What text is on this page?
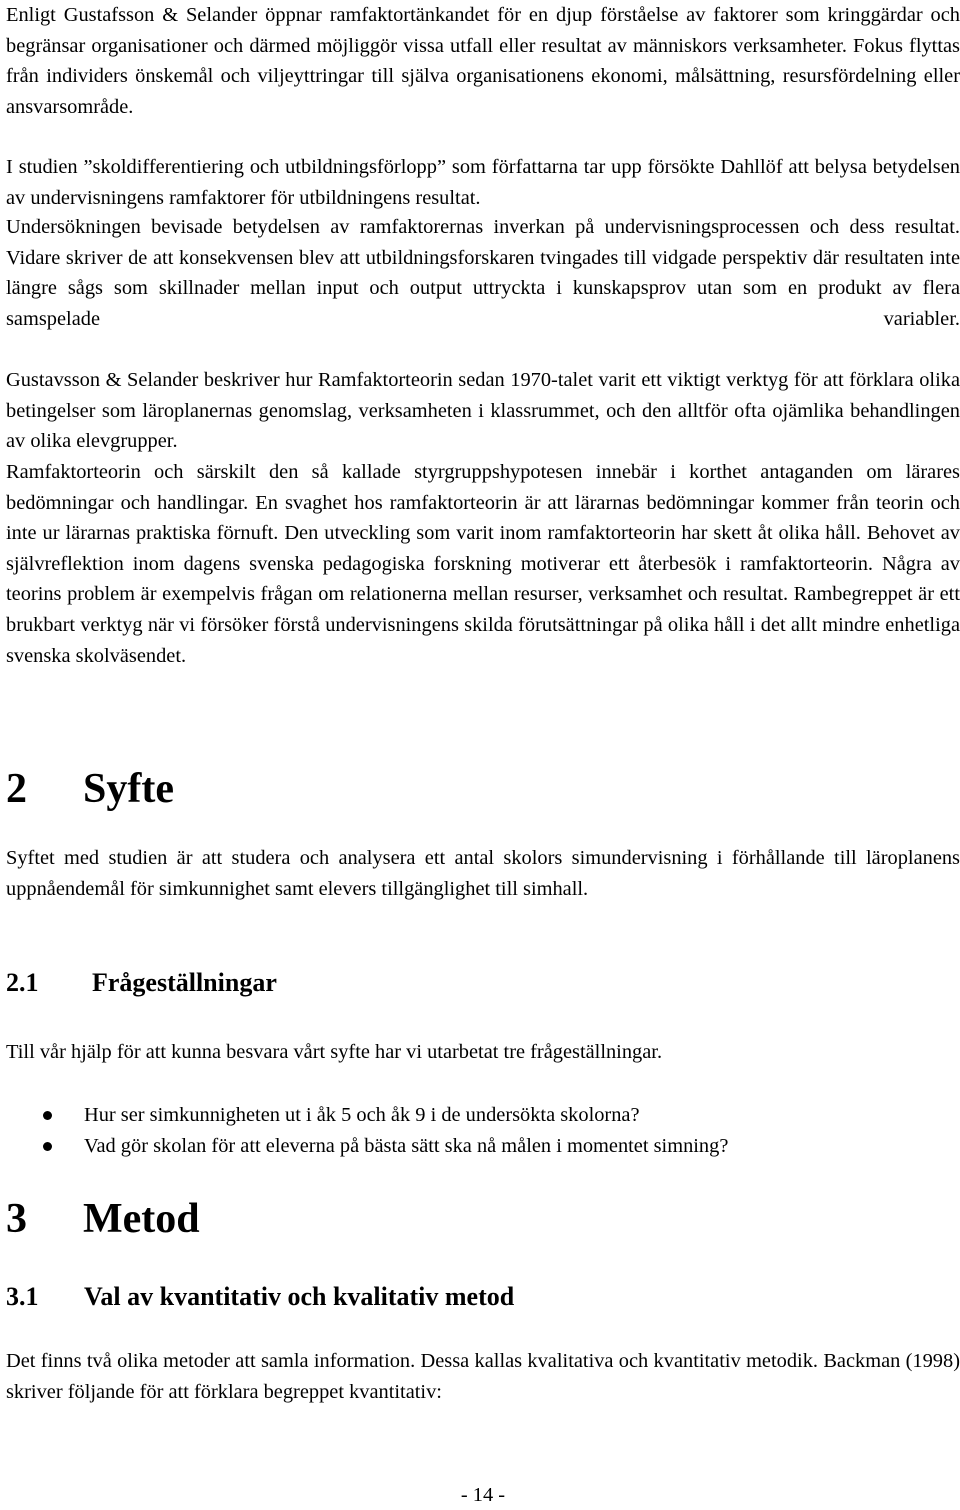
Enligt Gustafsson & Selander öppnar ramfaktortänkandet för en djup förståelse av faktorer som kringgärdar och begränsar organisationer och därmed möjliggör vissa utfall eller resultat av människors verksamheter. Fokus flyttas från individers önskemål och viljeyttringar till själva organisationens ekonomi, målsättning, resursfördelning eller ansvarsområde.

I studien ”skoldifferentiering och utbildningsförlopp” som författarna tar upp försökte Dahllöf att belysa betydelsen av undervisningens ramfaktorer för utbildningens resultat.

Undersökningen bevisade betydelsen av ramfaktorernas inverkan på undervisningsprocessen och dess resultat. Vidare skriver de att konsekvensen blev att utbildningsforskaren tvingades till vidgade perspektiv där resultaten inte längre sågs som skillnader mellan input och output uttryckta i kunskapsprov utan som en produkt av flera samspelade variabler.

Gustavsson & Selander beskriver hur Ramfaktorteorin sedan 1970-talet varit ett viktigt verktyg för att förklara olika betingelser som läroplanernas genomslag, verksamheten i klassrummet, och den alltför ofta ojämlika behandlingen av olika elevgrupper.

Ramfaktorteorin och särskilt den så kallade styrgruppshypotesen innebär i korthet antaganden om lärares bedömningar och handlingar. En svaghet hos ramfaktorteorin är att lärarnas bedömningar kommer från teorin och inte ur lärarnas praktiska förnuft. Den utveckling som varit inom ramfaktorteorin har skett åt olika håll. Behovet av självreflektion inom dagens svenska pedagogiska forskning motiverar ett återbesök i ramfaktorteorin. Några av teorins problem är exempelvis frågan om relationerna mellan resurser, verksamhet och resultat. Rambegreppet är ett brukbart verktyg när vi försöker förstå undervisningens skilda förutsättningar på olika håll i det allt mindre enhetliga svenska skolväsendet.

2 Syfte

Syftet med studien är att studera och analysera ett antal skolors simundervisning i förhållande till läroplanens uppnåendemål för simkunnighet samt elevers tillgänglighet till simhall.

2.1 Frågeställningar

Till vår hjälp för att kunna besvara vårt syfte har vi utarbetat tre frågeställningar.

Hur ser simkunnigheten ut i åk 5 och åk 9 i de undersökta skolorna?
Vad gör skolan för att eleverna på bästa sätt ska nå målen i momentet simning?
3 Metod
3.1 Val av kvantitativ och kvalitativ metod

Det finns två olika metoder att samla information. Dessa kallas kvalitativa och kvantitativ metodik. Backman (1998) skriver följande för att förklara begreppet kvantitativ:

- 14 -
